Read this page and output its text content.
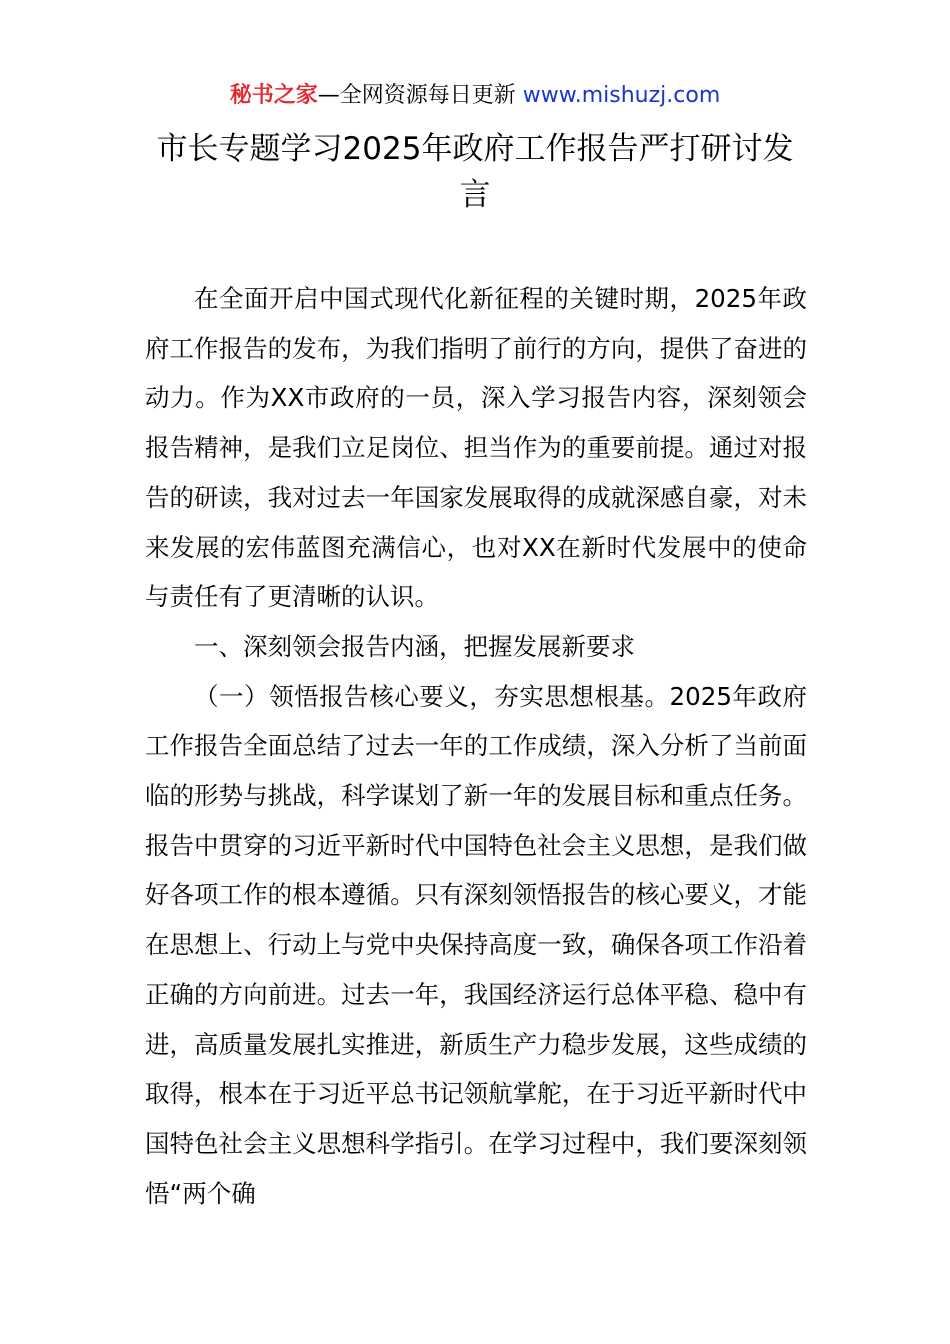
秘书之家—全网资源每日更新 www.mishuzj.com
市长专题学习2025年政府工作报告严打研讨发言

在全面开启中国式现代化新征程的关键时期，2025年政府工作报告的发布，为我们指明了前行的方向，提供了奋进的动力。作为XX市政府的一员，深入学习报告内容，深刻领会报告精神，是我们立足岗位、担当作为的重要前提。通过对报告的研读，我对过去一年国家发展取得的成就深感自豪，对未来发展的宏伟蓝图充满信心，也对XX在新时代发展中的使命与责任有了更清晰的认识。

一、深刻领会报告内涵，把握发展新要求

（一）领悟报告核心要义，夯实思想根基。2025年政府工作报告全面总结了过去一年的工作成绩，深入分析了当前面临的形势与挑战，科学谋划了新一年的发展目标和重点任务。报告中贯穿的习近平新时代中国特色社会主义思想，是我们做好各项工作的根本遵循。只有深刻领悟报告的核心要义，才能在思想上、行动上与党中央保持高度一致，确保各项工作沿着正确的方向前进。过去一年，我国经济运行总体平稳、稳中有进，高质量发展扎实推进，新质生产力稳步发展，这些成绩的取得，根本在于习近平总书记领航掌舵，在于习近平新时代中国特色社会主义思想科学指引。在学习过程中，我们要深刻领悟“两个确
